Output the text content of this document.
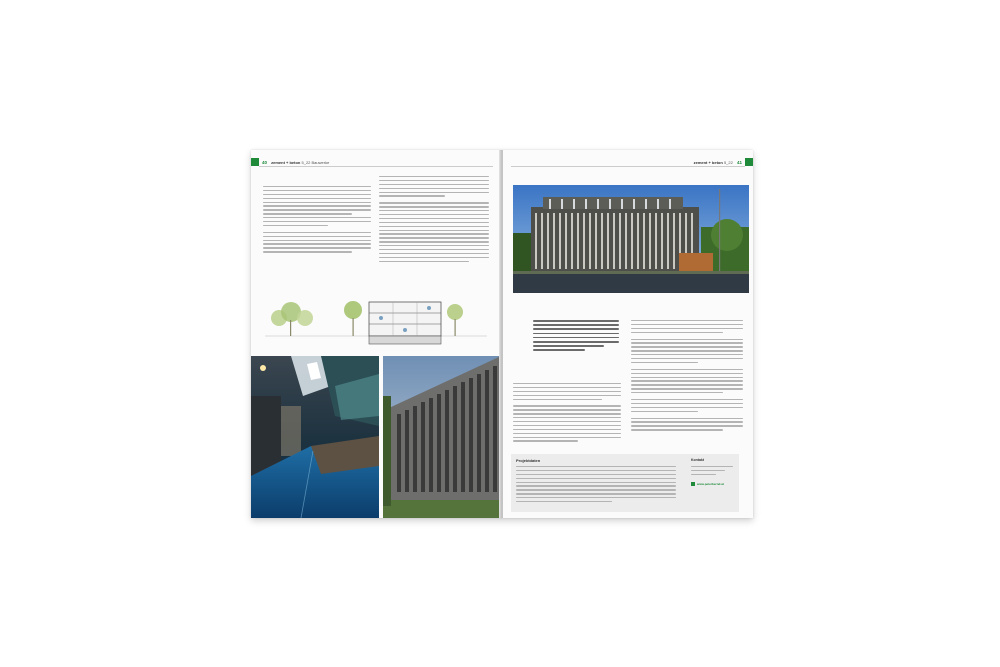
40 zement + beton 5_22 Bauwerke	zement + beton 5_22 41
Projektdaten	Kontakt
www.peterbernd.at
